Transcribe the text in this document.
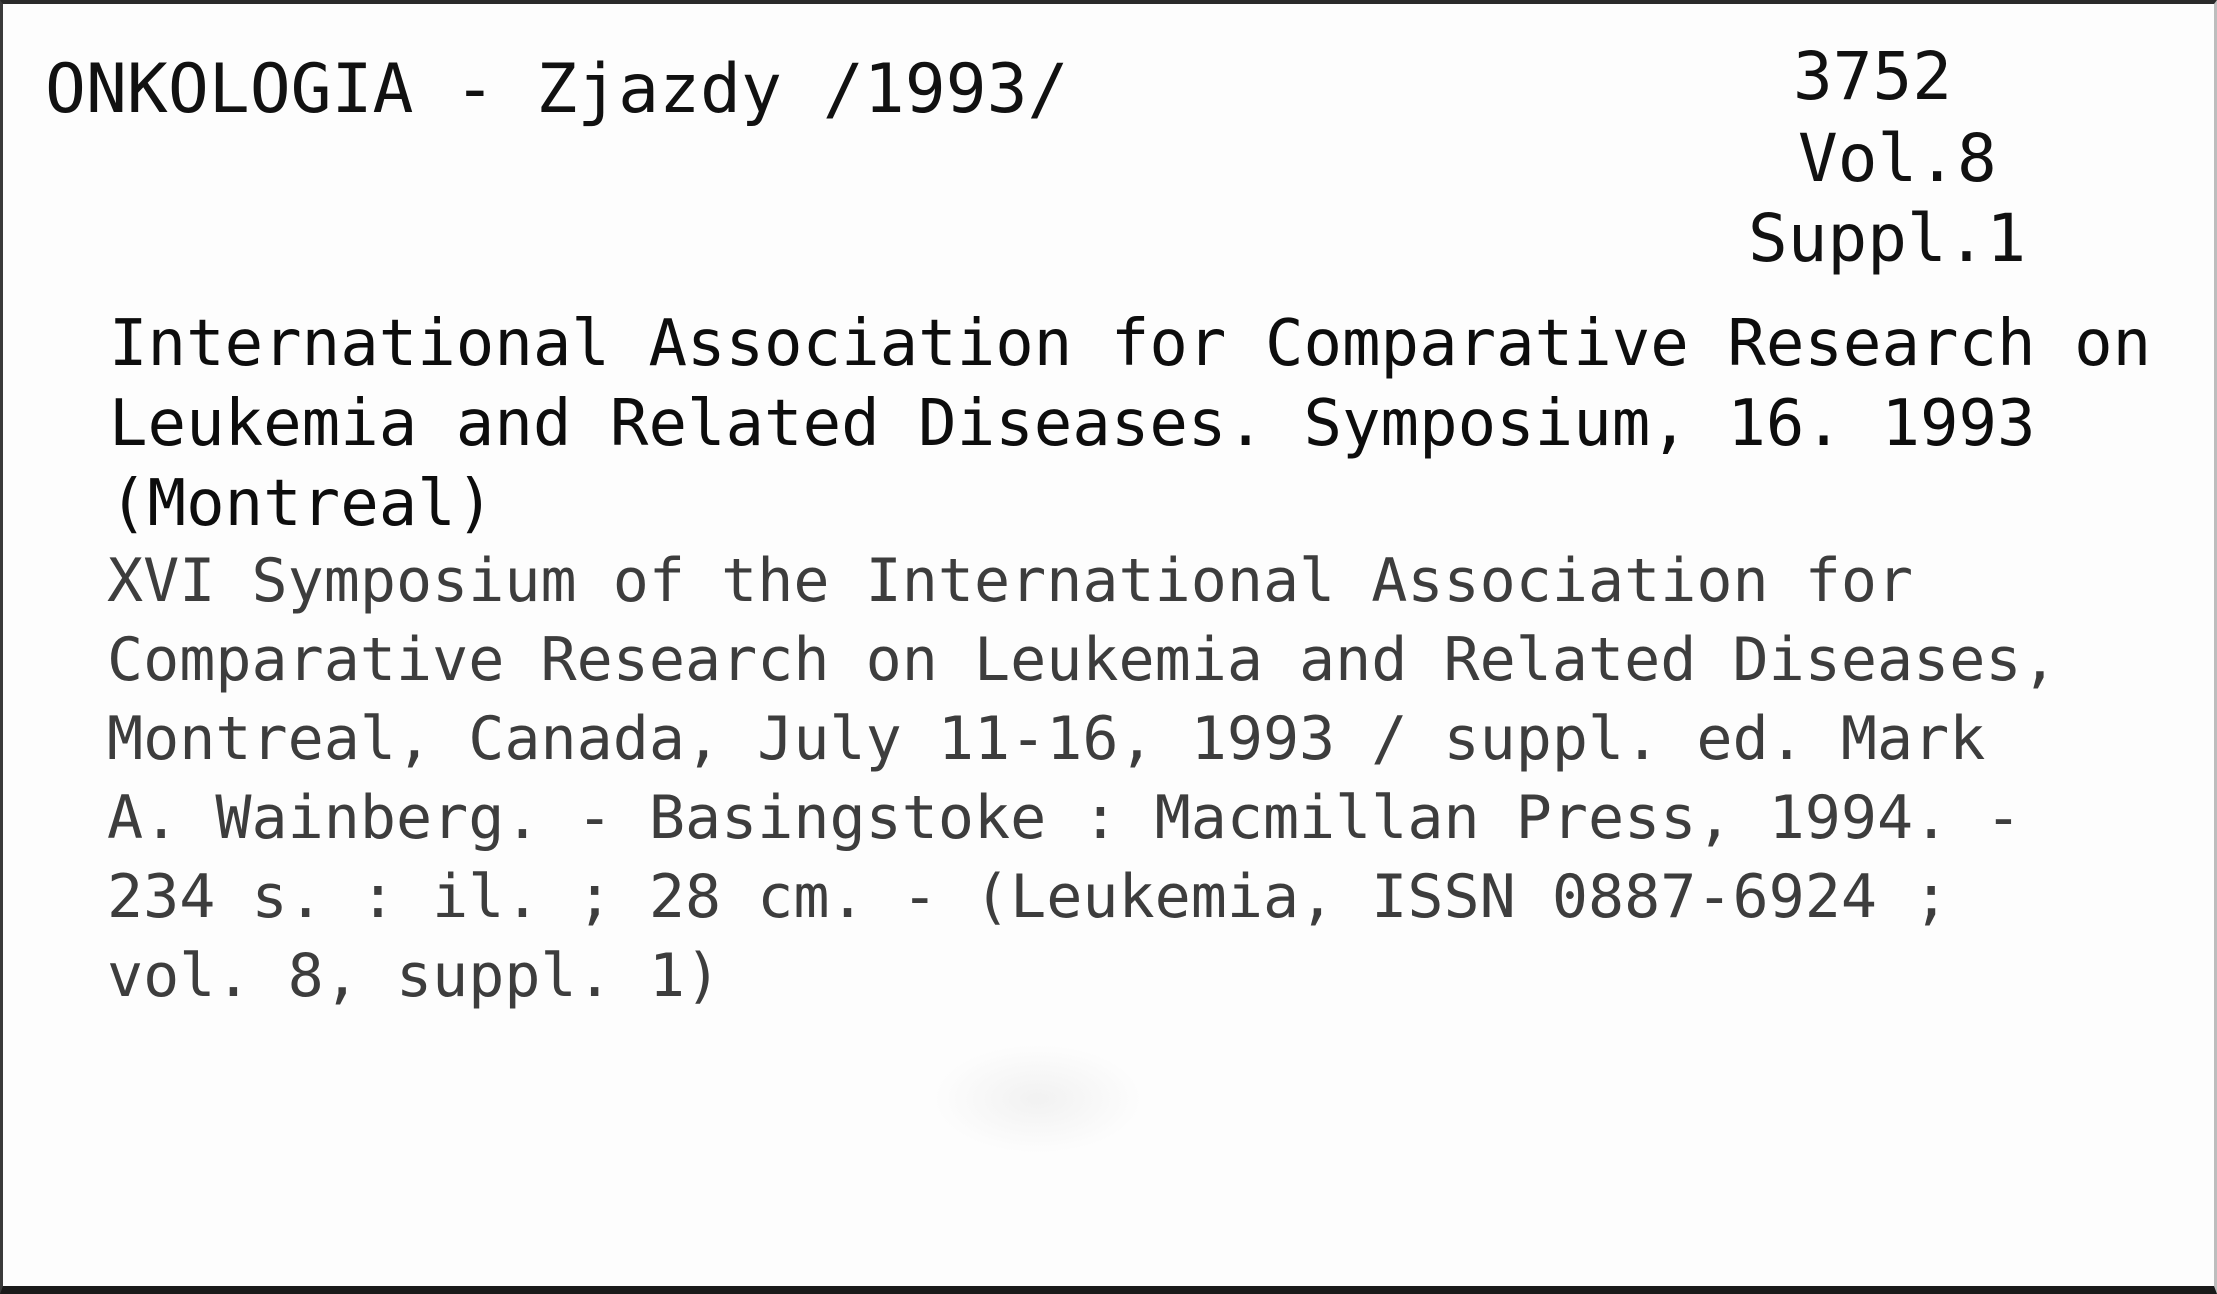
ONKOLOGIA - Zjazdy /1993/	3752
Vol.8
Suppl.1
International Association for Comparative Research on
Leukemia and Related Diseases. Symposium, 16. 1993
(Montreal)
XVI Symposium of the International Association for
Comparative Research on Leukemia and Related Diseases,
Montreal, Canada, July 11-16, 1993 / suppl. ed. Mark
A. Wainberg. - Basingstoke : Macmillan Press, 1994. -
234 s. : il. ; 28 cm. - (Leukemia, ISSN 0887-6924 ;
vol. 8, suppl. 1)
